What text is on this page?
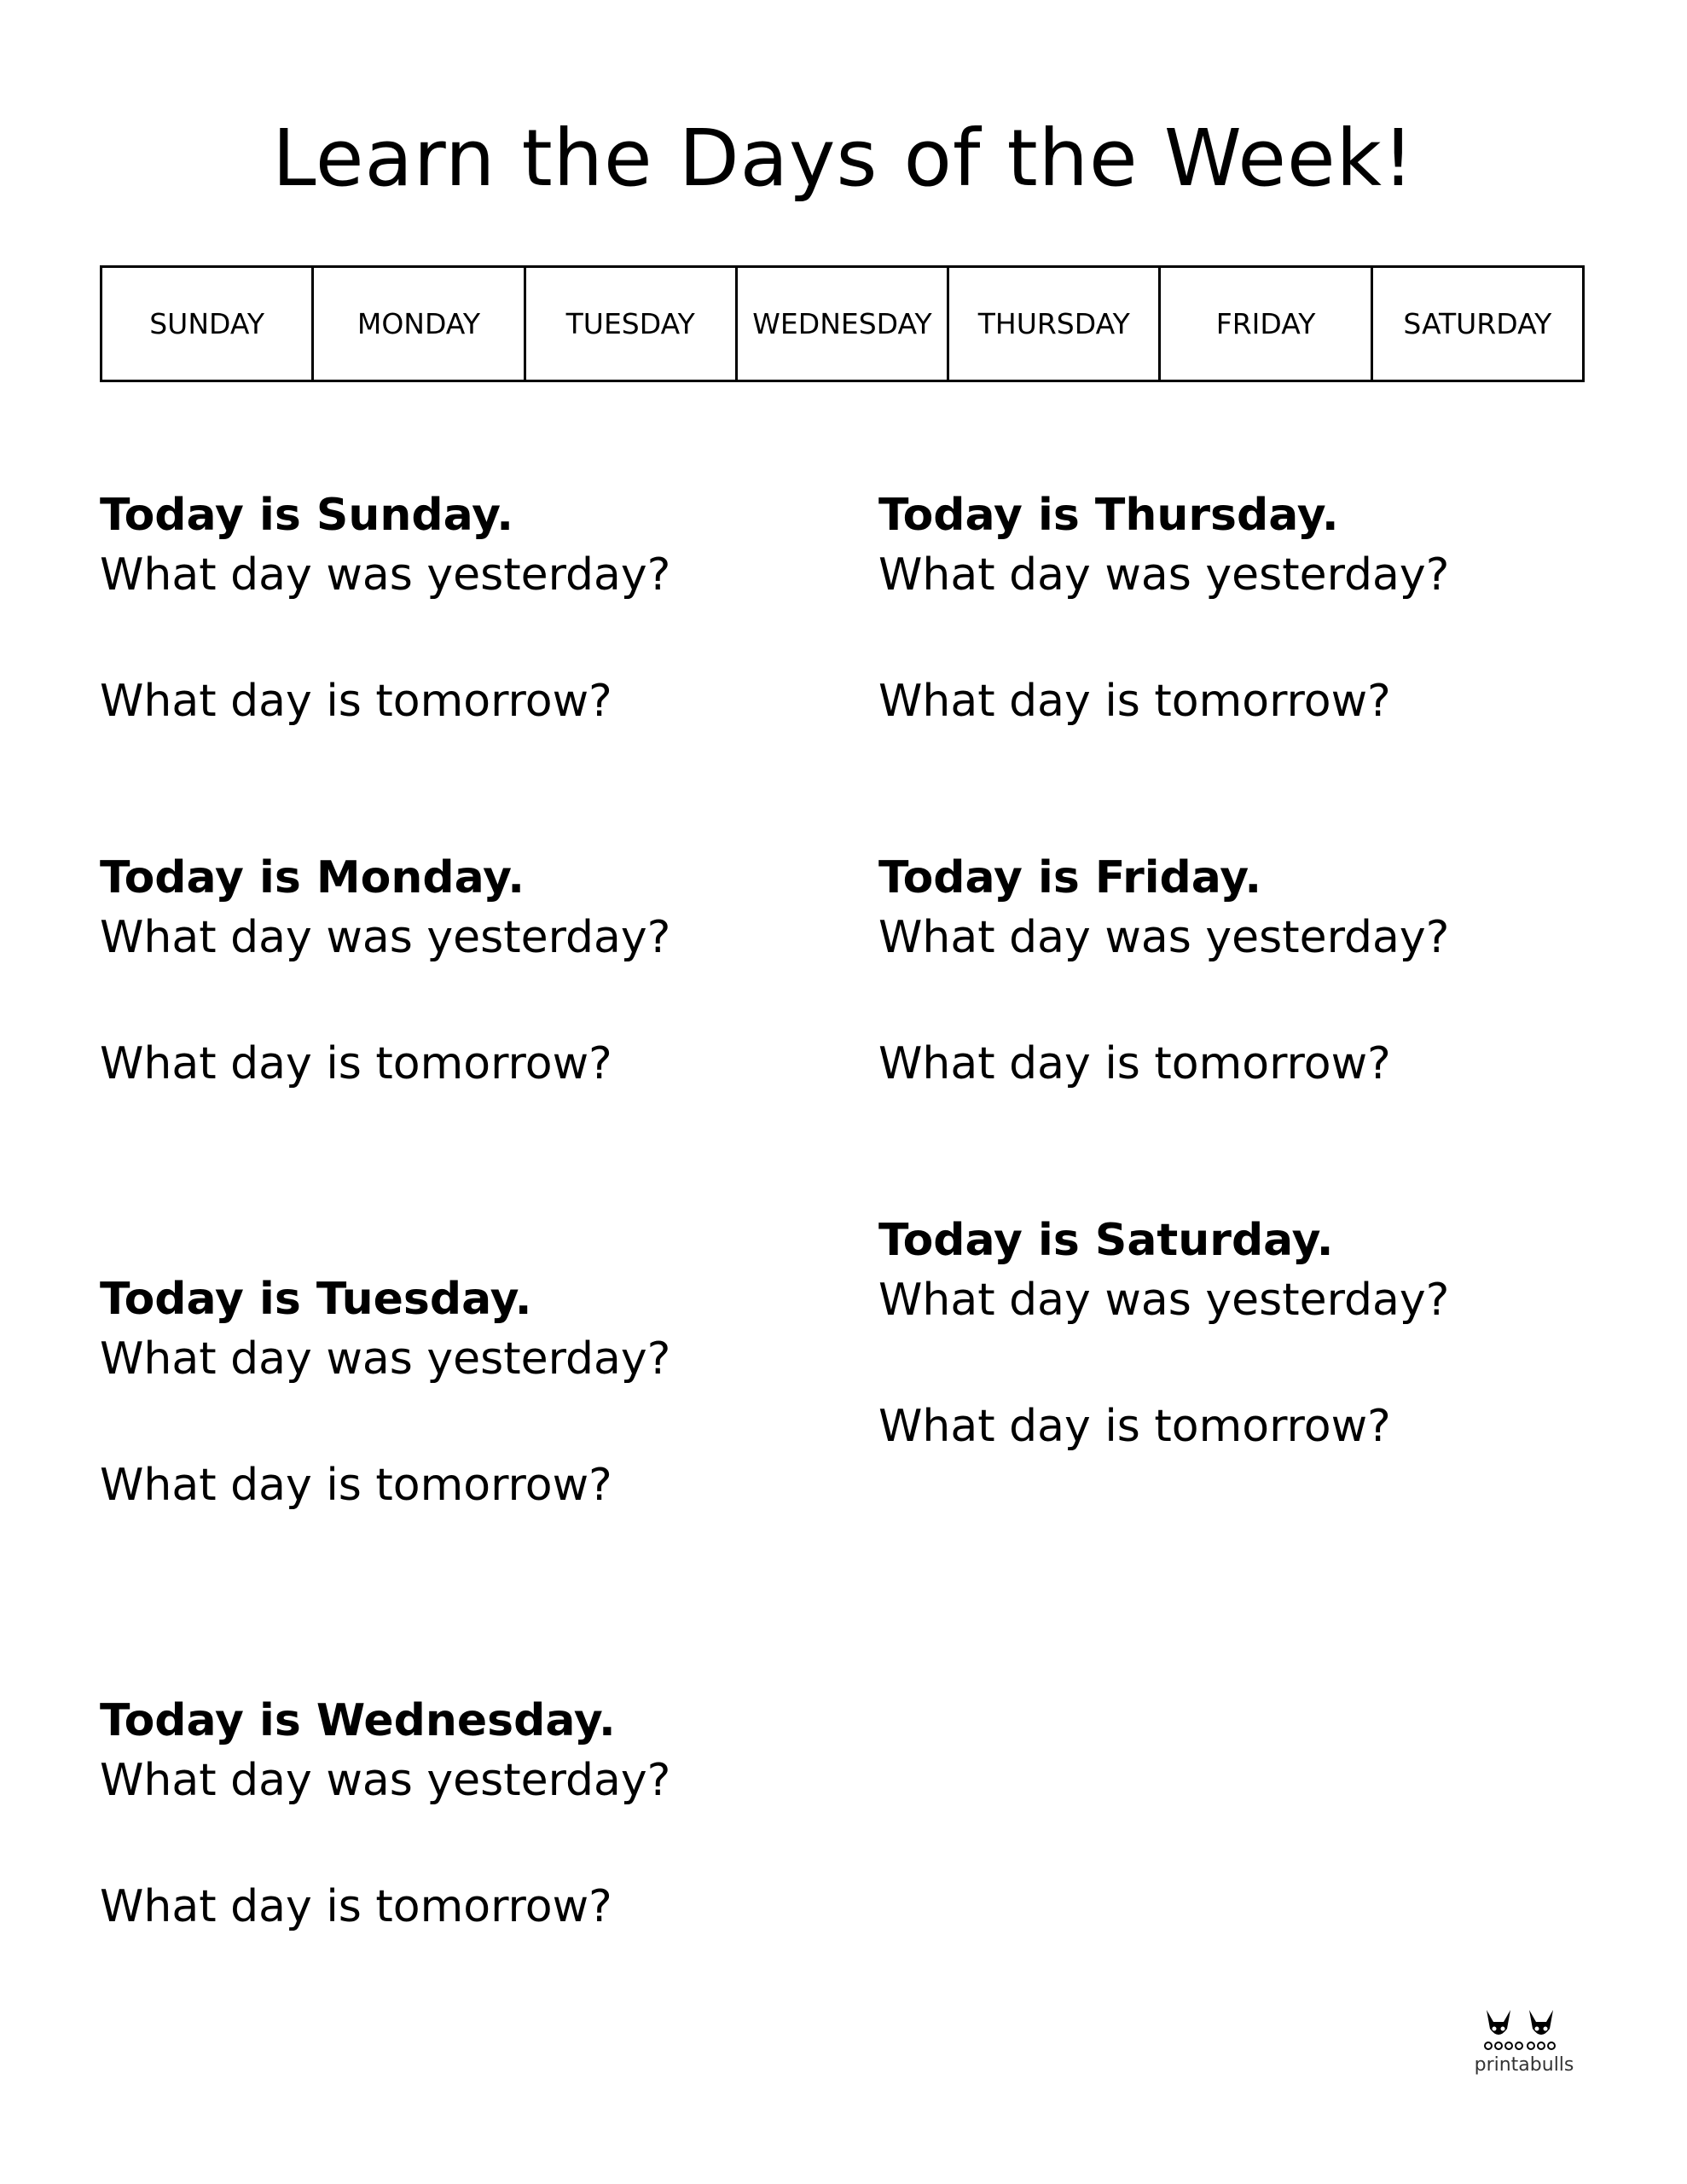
Learn the Days of the Week!
SUNDAY	MONDAY	TUESDAY	WEDNESDAY	THURSDAY	FRIDAY	SATURDAY
Today is Sunday.
What day was yesterday?
What day is tomorrow?
Today is Monday.
What day was yesterday?
What day is tomorrow?
Today is Tuesday.
What day was yesterday?
What day is tomorrow?
Today is Wednesday.
What day was yesterday?
What day is tomorrow?
Today is Thursday.
What day was yesterday?
What day is tomorrow?
Today is Friday.
What day was yesterday?
What day is tomorrow?
Today is Saturday.
What day was yesterday?
What day is tomorrow?
printabulls
